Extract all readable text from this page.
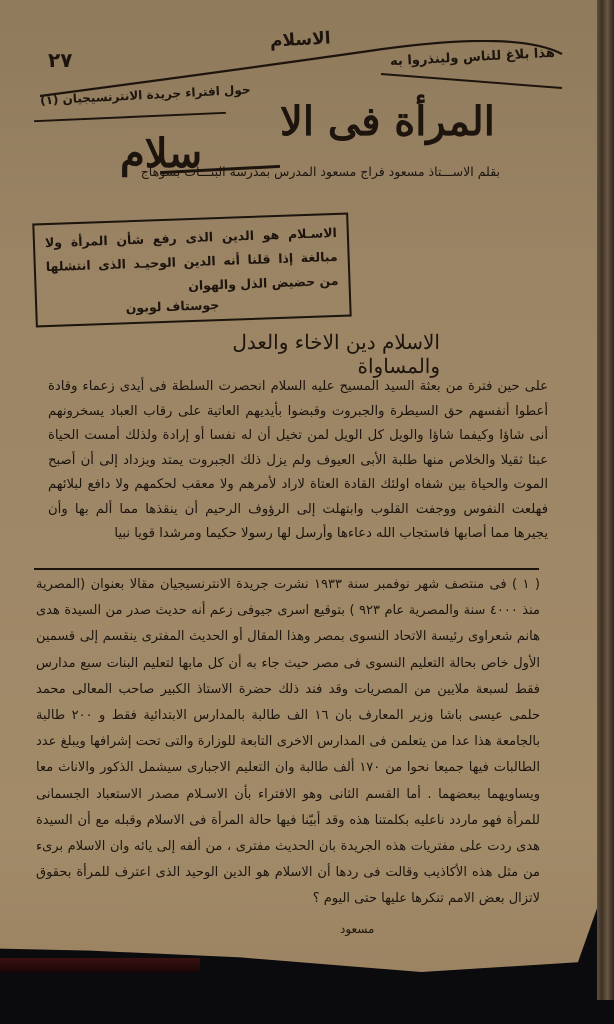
الاسلام
٢٧	هذا بلاغ للناس ولينذروا به
حول افتراء جريدة الانترنسيجيان (١)
المرأة فى الا
سلام
بقلم الاســـتاذ مسعود فراج مسعود المدرس بمدرسة البنـــات بسوهاج
الاسـلام هو الدين الذى رفع شأن المرأة ولا مبالغة إذا قلنا أنه الدين الوحيـد الذى انتشلها من حضيض الذل والهوان
جوستاف لوبون
الاسلام دين الاخاء والعدل والمساواة

على حين فترة من بعثة السيد المسيح عليه السلام انحصرت السلطة فى أيدى زعماء وقادة أعطوا أنفسهم حق السيطرة والجبروت وقبضوا بأيديهم العاتية على رقاب العباد يسخرونهم أنى شاؤا وكيفما شاؤا والويل كل الويل لمن تخيل أن له نفسا أو إرادة ولذلك أمست الحياة عبئا ثقيلا والخلاص منها طلبة الأبى العيوف ولم يزل ذلك الجبروت يمتد ويزداد إلى أن أصبح الموت والحياة بين شفاه اولئك القادة العتاة لاراد لأمرهم ولا معقب لحكمهم ولا دافع لبلائهم فهلعت النفوس ووجفت القلوب وابتهلت إلى الرؤوف الرحيم أن ينقذها مما ألم بها وأن يجيرها مما أصابها فاستجاب الله دعاءها وأرسل لها رسولا حكيما ومرشدا قويا نبيا

( ١ ) فى منتصف شهر نوفمبر سنة ١٩٣٣ نشرت جريدة الانترنسيجيان مقالا بعنوان (المصرية منذ ٤٠٠٠ سنة والمصرية عام ٩٢٣ ) بتوقيع اسرى جيوفى زعم أنه حديث صدر من السيدة هدى هانم شعراوى رئيسة الاتحاد النسوى بمصر وهذا المقال أو الحديث المفترى ينقسم إلى قسمين الأول خاص بحالة التعليم النسوى فى مصر حيث جاء به أن كل مابها لتعليم البنات سبع مدارس فقط لسبعة ملايين من المصريات وقد فند ذلك حضرة الاستاذ الكبير صاحب المعالى محمد حلمى عيسى باشا وزير المعارف بان ١٦ الف طالبة بالمدارس الابتدائية فقط و ٢٠٠ طالبة بالجامعة هذا عدا من يتعلمن فى المدارس الاخرى التابعة للوزارة والتى تحت إشرافها ويبلغ عدد الطالبات فيها جميعا نحوا من ١٧٠ ألف طالبة وان التعليم الاجبارى سيشمل الذكور والاناث معا ويساويهما ببعضهما . أما القسم الثانى وهو الافتراء بأن الاسـلام مصدر الاستعباد الجسمانى للمرأة فهو ماردد ناعليه بكلمتنا هذه وقد أبيّنا فيها حالة المرأة فى الاسلام وقبله مع أن السيدة هدى ردت على مفتريات هذه الجريدة بان الحديث مفترى ، من ألفه إلى يائه وان الاسلام برىء من مثل هذه الأكاذيب وقالت فى ردها أن الاسلام هو الدين الوحيد الذى اعترف للمرأة بحقوق لاتزال بعض الامم تنكرها عليها حتى اليوم ؟

مسعود
